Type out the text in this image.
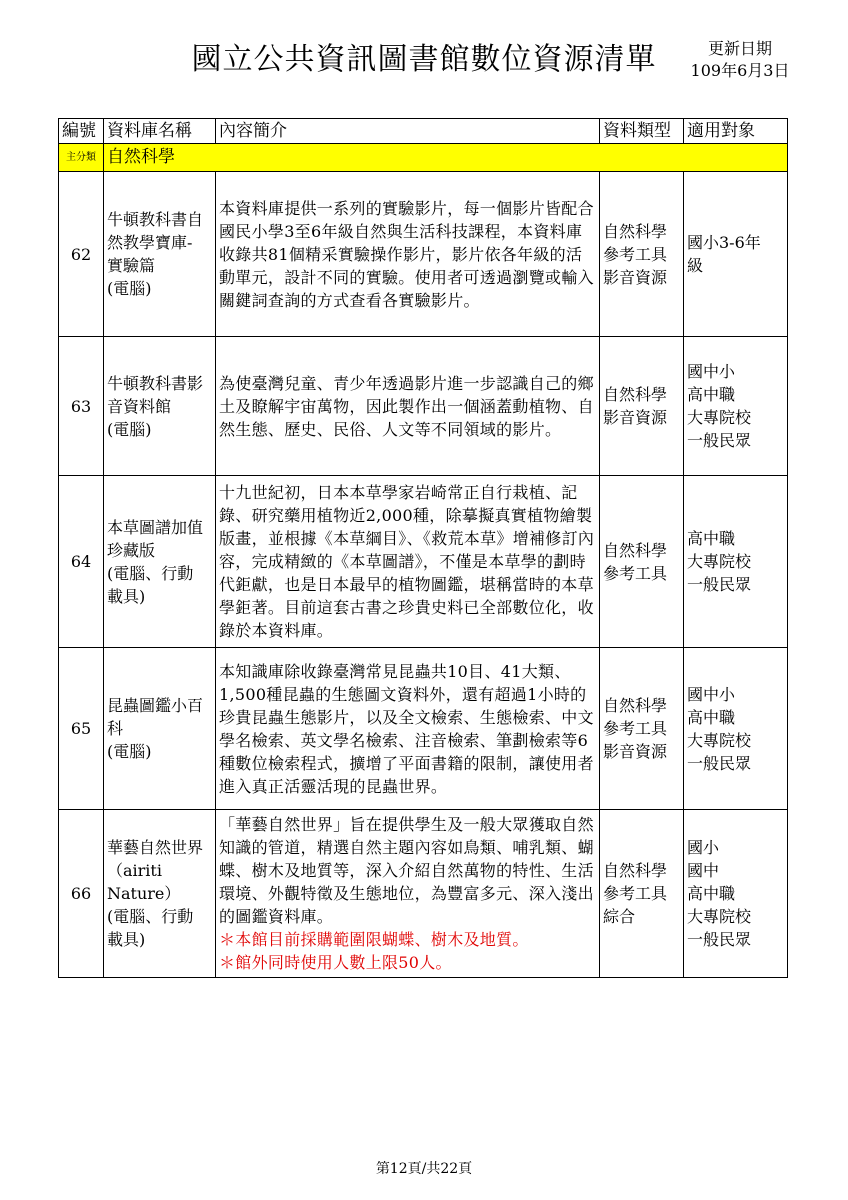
國立公共資訊圖書館數位資源清單	更新日期
109年6月3日
編號	資料庫名稱	內容簡介	資料類型	適用對象
主分類	自然科學			
62	牛頓教科書自
然教學寶庫-
實驗篇
(電腦)	本資料庫提供一系列的實驗影片，每一個影片皆配合國民小學3至6年級自然與生活科技課程，本資料庫收錄共81個精采實驗操作影片，影片依各年級的活動單元，設計不同的實驗。使用者可透過瀏覽或輸入關鍵詞查詢的方式查看各實驗影片。	自然科學
參考工具
影音資源	國小3-6年
級

63	牛頓教科書影
音資料館
(電腦)	為使臺灣兒童、青少年透過影片進一步認識自己的鄉土及瞭解宇宙萬物，因此製作出一個涵蓋動植物、自然生態、歷史、民俗、人文等不同領域的影片。	自然科學
影音資源	國中小
高中職
大專院校
一般民眾

64	本草圖譜加值
珍藏版
(電腦、行動
載具)	十九世紀初，日本本草學家岩崎常正自行栽植、記錄、研究藥用植物近2,000種，除摹擬真實植物繪製版畫，並根據《本草綱目》、《救荒本草》增補修訂內容，完成精緻的《本草圖譜》，不僅是本草學的劃時代鉅獻，也是日本最早的植物圖鑑，堪稱當時的本草學鉅著。目前這套古書之珍貴史料已全部數位化，收錄於本資料庫。	自然科學
參考工具	高中職
大專院校
一般民眾

65	昆蟲圖鑑小百
科
(電腦)	本知識庫除收錄臺灣常見昆蟲共10目、41大類、1,500種昆蟲的生態圖文資料外，還有超過1小時的珍貴昆蟲生態影片，以及全文檢索、生態檢索、中文學名檢索、英文學名檢索、注音檢索、筆劃檢索等6種數位檢索程式，擴增了平面書籍的限制，讓使用者進入真正活靈活現的昆蟲世界。	自然科學
參考工具
影音資源	國中小
高中職
大專院校
一般民眾

66	華藝自然世界
（airiti
Nature）
(電腦、行動
載具)	「華藝自然世界」旨在提供學生及一般大眾獲取自然知識的管道，精選自然主題內容如鳥類、哺乳類、蝴蝶、樹木及地質等，深入介紹自然萬物的特性、生活環境、外觀特徵及生態地位，為豐富多元、深入淺出的圖鑑資料庫。
＊本館目前採購範圍限蝴蝶、樹木及地質。
＊館外同時使用人數上限50人。	自然科學
參考工具
綜合	國小
國中
高中職
大專院校
一般民眾
第12頁/共22頁
